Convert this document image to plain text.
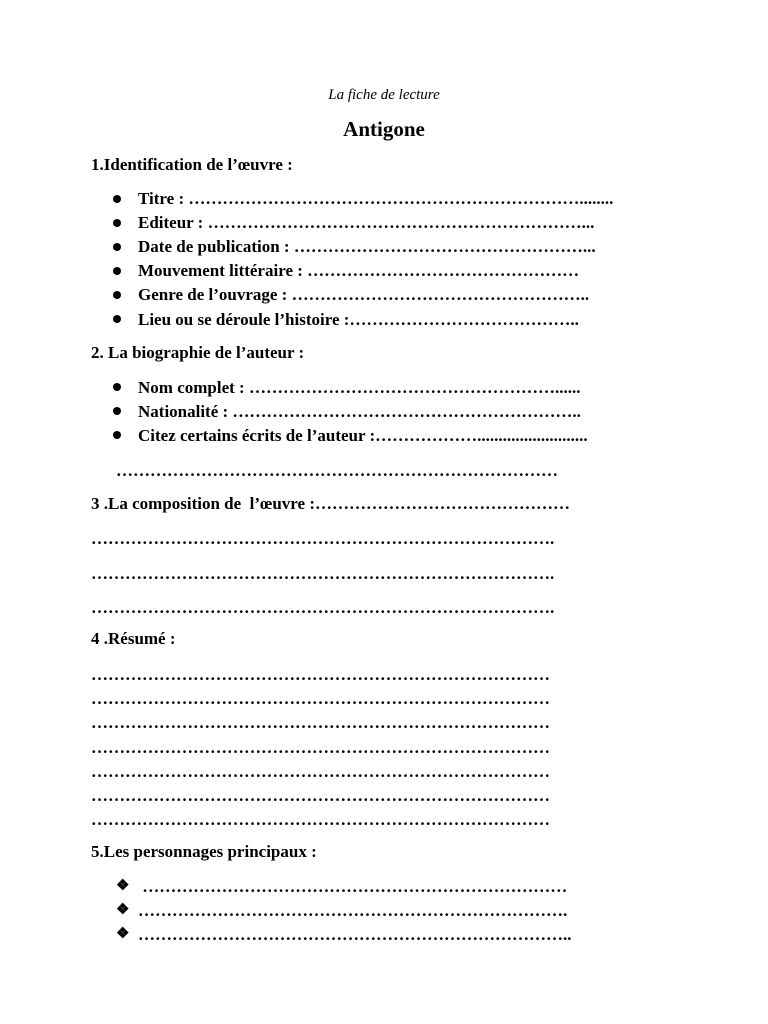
La fiche de lecture
Antigone
1.Identification de l’œuvre :
Titre : ……………………………………………………………........
Editeur : …………………………………………………………...
Date de publication : ……………………………………………...
Mouvement littéraire : …………………………………………
Genre de l’ouvrage : ……………………………………………..
Lieu ou se déroule l’histoire :…………………………………..
2. La biographie de l’auteur :
Nom complet : ………………………………………………......
Nationalité : ……………………………………………………..
Citez certains écrits de l’auteur :………………..........................
……………………………………………………………………
3 .La composition de  l’œuvre :………………………………………
……………………………………………………………………….
……………………………………………………………………….
……………………………………………………………………….
4 .Résumé :
………………………………………………………………………
………………………………………………………………………
………………………………………………………………………
………………………………………………………………………
………………………………………………………………………
………………………………………………………………………
………………………………………………………………………
5.Les personnages principaux :
❖ …………………………………………………………………
❖ ………………………………………………………………….
❖ …………………………………………………………………..
